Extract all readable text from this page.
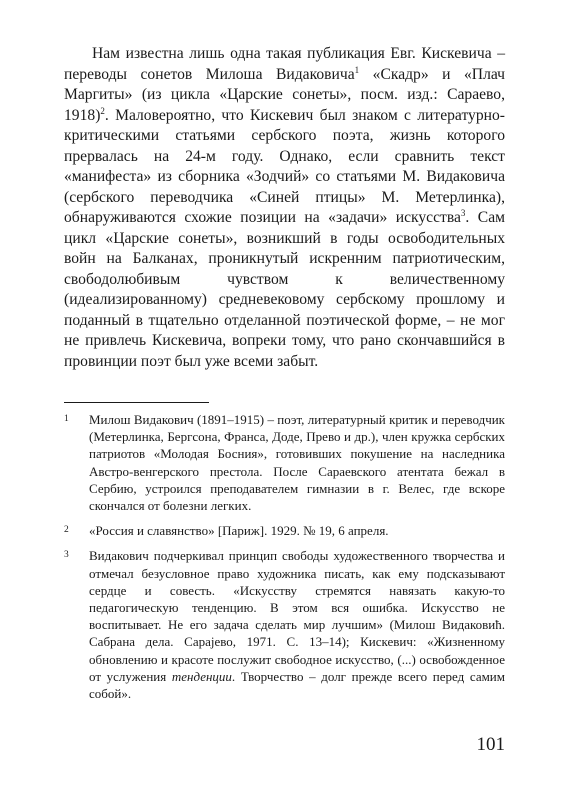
Нам известна лишь одна такая публикация Евг. Кискевича – переводы сонетов Милоша Видаковича$^1$ «Скадр» и «Плач Маргиты» (из цикла «Царские сонеты», посм. изд.: Сараево, 1918)$^2$. Маловероятно, что Кискевич был знаком с литературно-критическими статьями сербского поэта, жизнь которого прервалась на 24-м году. Однако, если сравнить текст «манифеста» из сборника «Зодчий» со статьями М. Видаковича (сербского переводчика «Синей птицы» М. Метерлинка), обнаруживаются схожие позиции на «задачи» искусства$^3$. Сам цикл «Царские сонеты», возникший в годы освободительных войн на Балканах, проникнутый искренним патриотическим, свободолюбивым чувством к величественному (идеализированному) средневековому сербскому прошлому и поданный в тщательно отделанной поэтической форме, – не мог не привлечь Кискевича, вопреки тому, что рано скончавшийся в провинции поэт был уже всеми забыт.

1	Милош Видакович (1891–1915) – поэт, литературный критик и переводчик (Метерлинка, Бергсона, Франса, Доде, Прево и др.), член кружка сербских патриотов «Молодая Босния», готовивших покушение на наследника Австро-венгерского престола. После Сараевского атентата бежал в Сербию, устроился преподавателем гимназии в г. Велес, где вскоре скончался от болезни легких.

2	«Россия и славянство» [Париж]. 1929. № 19, 6 апреля.

3	Видакович подчеркивал принцип свободы художественного творчества и отмечал безусловное право художника писать, как ему подсказывают сердце и совесть. «Искусству стремятся навязать какую-то педагогическую тенденцию. В этом вся ошибка. Искусство не воспитывает. Не его задача сделать мир лучшим» (Милош Видаковић. Сабрана дела. Сарајево, 1971. С. 13–14); Кискевич: «Жизненному обновлению и красоте послужит свободное искусство, (...) освобожденное от услужения тенденции. Творчество – долг прежде всего перед самим собой».

101
